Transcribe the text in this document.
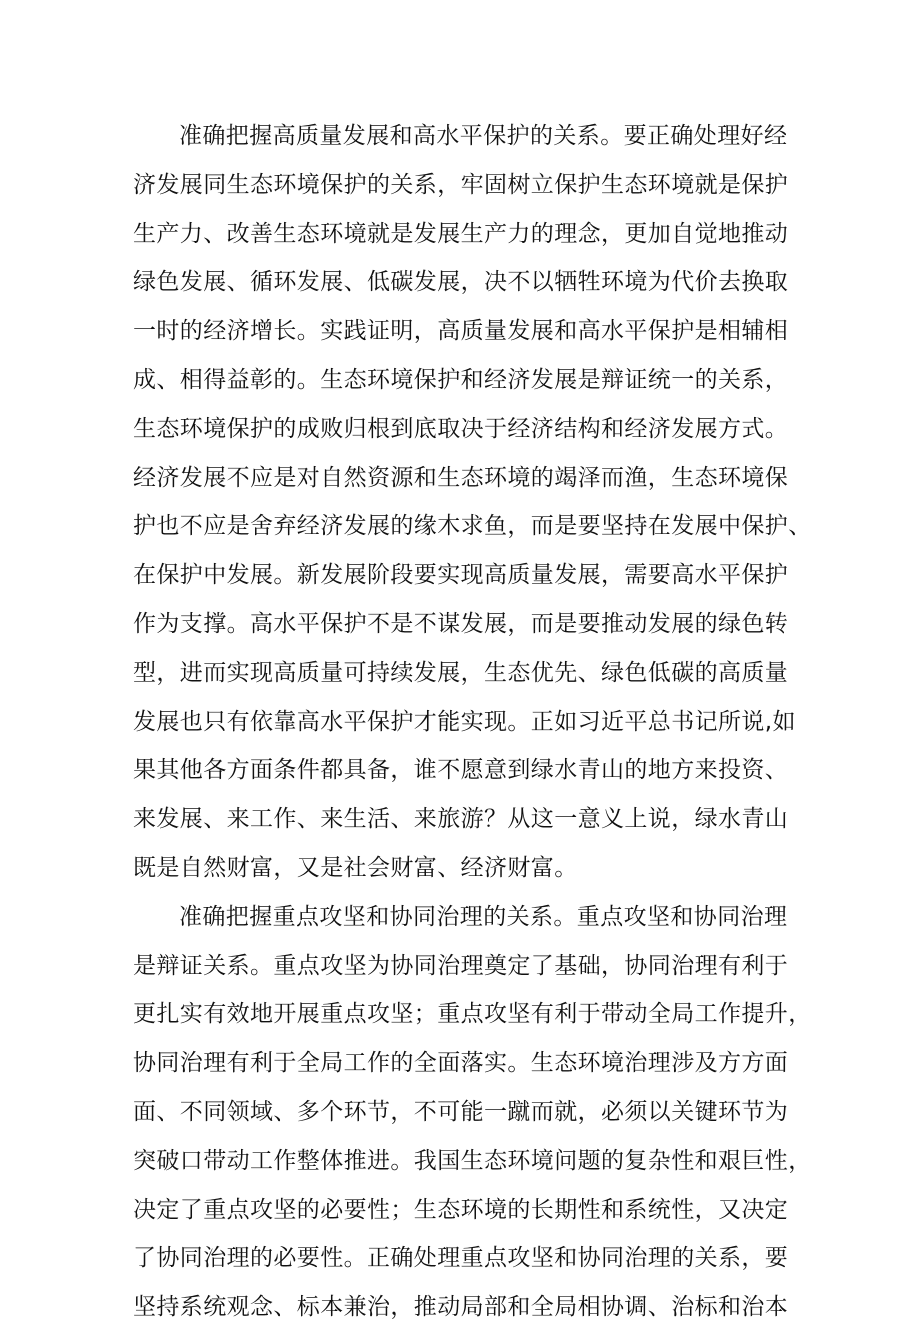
准确把握高质量发展和高水平保护的关系。要正确处理好经
济发展同生态环境保护的关系，牢固树立保护生态环境就是保护
生产力、改善生态环境就是发展生产力的理念，更加自觉地推动
绿色发展、循环发展、低碳发展，决不以牺牲环境为代价去换取
一时的经济增长。实践证明，高质量发展和高水平保护是相辅相
成、相得益彰的。生态环境保护和经济发展是辩证统一的关系，
生态环境保护的成败归根到底取决于经济结构和经济发展方式。
经济发展不应是对自然资源和生态环境的竭泽而渔，生态环境保
护也不应是舍弃经济发展的缘木求鱼，而是要坚持在发展中保护、
在保护中发展。新发展阶段要实现高质量发展，需要高水平保护
作为支撑。高水平保护不是不谋发展，而是要推动发展的绿色转
型，进而实现高质量可持续发展，生态优先、绿色低碳的高质量
发展也只有依靠高水平保护才能实现。正如习近平总书记所说,如
果其他各方面条件都具备，谁不愿意到绿水青山的地方来投资、
来发展、来工作、来生活、来旅游？从这一意义上说，绿水青山
既是自然财富，又是社会财富、经济财富。

准确把握重点攻坚和协同治理的关系。重点攻坚和协同治理
是辩证关系。重点攻坚为协同治理奠定了基础，协同治理有利于
更扎实有效地开展重点攻坚；重点攻坚有利于带动全局工作提升，
协同治理有利于全局工作的全面落实。生态环境治理涉及方方面
面、不同领域、多个环节，不可能一蹴而就，必须以关键环节为
突破口带动工作整体推进。我国生态环境问题的复杂性和艰巨性，
决定了重点攻坚的必要性；生态环境的长期性和系统性，又决定
了协同治理的必要性。正确处理重点攻坚和协同治理的关系，要
坚持系统观念、标本兼治，推动局部和全局相协调、治标和治本
